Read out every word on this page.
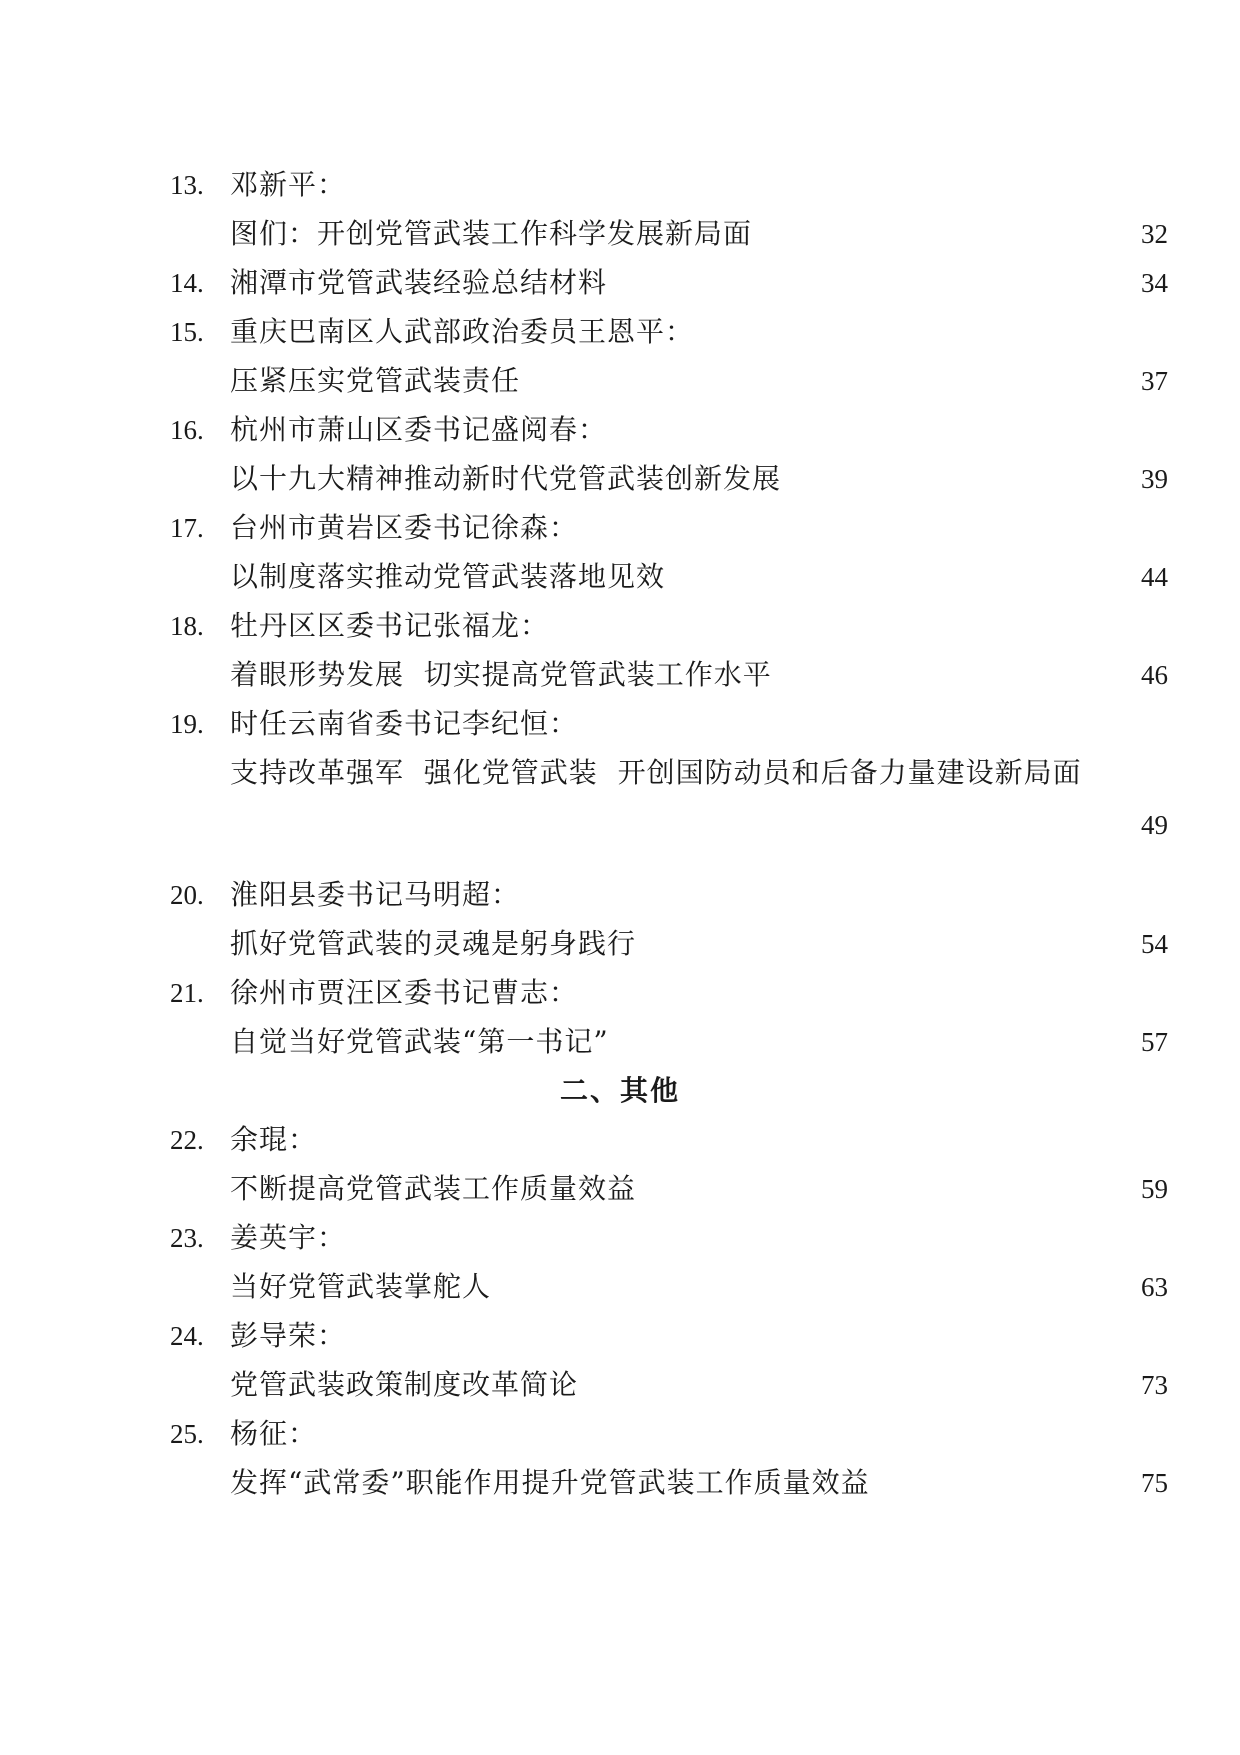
13. 邓新平：
图们：开创党管武装工作科学发展新局面	32
14. 湘潭市党管武装经验总结材料	34
15. 重庆巴南区人武部政治委员王恩平：
压紧压实党管武装责任	37
16. 杭州市萧山区委书记盛阅春：
以十九大精神推动新时代党管武装创新发展	39
17. 台州市黄岩区委书记徐森：
以制度落实推动党管武装落地见效	44
18. 牡丹区区委书记张福龙：
着眼形势发展  切实提高党管武装工作水平	46
19. 时任云南省委书记李纪恒：
支持改革强军  强化党管武装  开创国防动员和后备力量建设新局面
49
20. 淮阳县委书记马明超：
抓好党管武装的灵魂是躬身践行	54
21. 徐州市贾汪区委书记曹志：
自觉当好党管武装“第一书记”	57
二、其他
22. 余琨：
不断提高党管武装工作质量效益	59
23. 姜英宇：
当好党管武装掌舵人	63
24. 彭导荣：
党管武装政策制度改革简论	73
25. 杨征：
发挥“武常委”职能作用提升党管武装工作质量效益	75
